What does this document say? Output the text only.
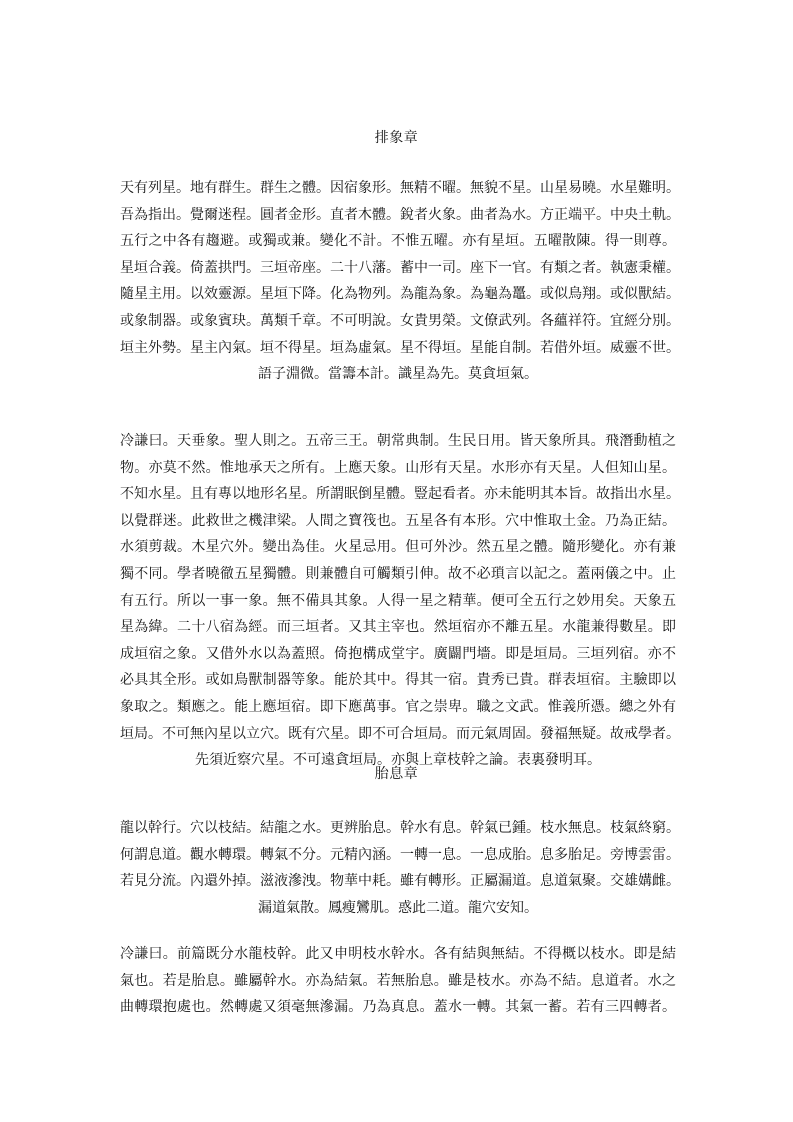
排象章
天有列星。地有群生。群生之體。因宿象形。無精不曜。無貌不星。山星易曉。水星難明。
吾為指出。覺爾迷程。圓者金形。直者木體。銳者火象。曲者為水。方正端平。中央土軌。
五行之中各有趨避。或獨或兼。變化不計。不惟五曜。亦有星垣。五曜散陳。得一則尊。
星垣合義。倚蓋拱門。三垣帝座。二十八藩。蓄中一司。座下一官。有類之者。執憲秉權。
隨星主用。以效靈源。星垣下降。化為物列。為龍為象。為龜為鼉。或似鳥翔。或似獸結。
或象制器。或象賓玦。萬類千章。不可明說。女貴男榮。文僚武列。各蘊祥符。宜經分別。
垣主外勢。星主內氣。垣不得星。垣為虛氣。星不得垣。星能自制。若借外垣。威靈不世。
語子淵微。當籌本計。識星為先。莫貪垣氣。
冷謙曰。天垂象。聖人則之。五帝三王。朝常典制。生民日用。皆天象所具。飛潛動植之
物。亦莫不然。惟地承天之所有。上應天象。山形有天星。水形亦有天星。人但知山星。
不知水星。且有專以地形名星。所謂眠倒星體。豎起看者。亦未能明其本旨。故指出水星。
以覺群迷。此救世之機津梁。人間之寶筏也。五星各有本形。穴中惟取土金。乃為正結。
水須剪裁。木星穴外。變出為佳。火星忌用。但可外沙。然五星之體。隨形變化。亦有兼
獨不同。學者曉徹五星獨體。則兼體自可觸類引伸。故不必瑣言以記之。蓋兩儀之中。止
有五行。所以一事一象。無不備具其象。人得一星之精華。便可全五行之妙用矣。天象五
星為緯。二十八宿為經。而三垣者。又其主宰也。然垣宿亦不離五星。水龍兼得數星。即
成垣宿之象。又借外水以為蓋照。倚抱構成堂宇。廣闢門墻。即是垣局。三垣列宿。亦不
必具其全形。或如鳥獸制器等象。能於其中。得其一宿。貴秀已貴。群表垣宿。主驗即以
象取之。類應之。能上應垣宿。即下應萬事。官之崇卑。職之文武。惟義所憑。總之外有
垣局。不可無內星以立穴。既有穴星。即不可合垣局。而元氣周固。發福無疑。故戒學者。
先須近察穴星。不可遠貪垣局。亦與上章枝幹之論。表裏發明耳。
胎息章
龍以幹行。穴以枝結。結龍之水。更辨胎息。幹水有息。幹氣已鍾。枝水無息。枝氣終窮。
何謂息道。觀水轉環。轉氣不分。元精內涵。一轉一息。一息成胎。息多胎足。旁博雲雷。
若見分流。內還外掉。滋液滲洩。物華中耗。雖有轉形。正屬漏道。息道氣聚。交雄媾雌。
漏道氣散。鳳瘦鸞肌。惑此二道。龍穴安知。
冷謙曰。前篇既分水龍枝幹。此又申明枝水幹水。各有結與無結。不得概以枝水。即是結
氣也。若是胎息。雖屬幹水。亦為結氣。若無胎息。雖是枝水。亦為不結。息道者。水之
曲轉環抱處也。然轉處又須毫無滲漏。乃為真息。蓋水一轉。其氣一蓄。若有三四轉者。
